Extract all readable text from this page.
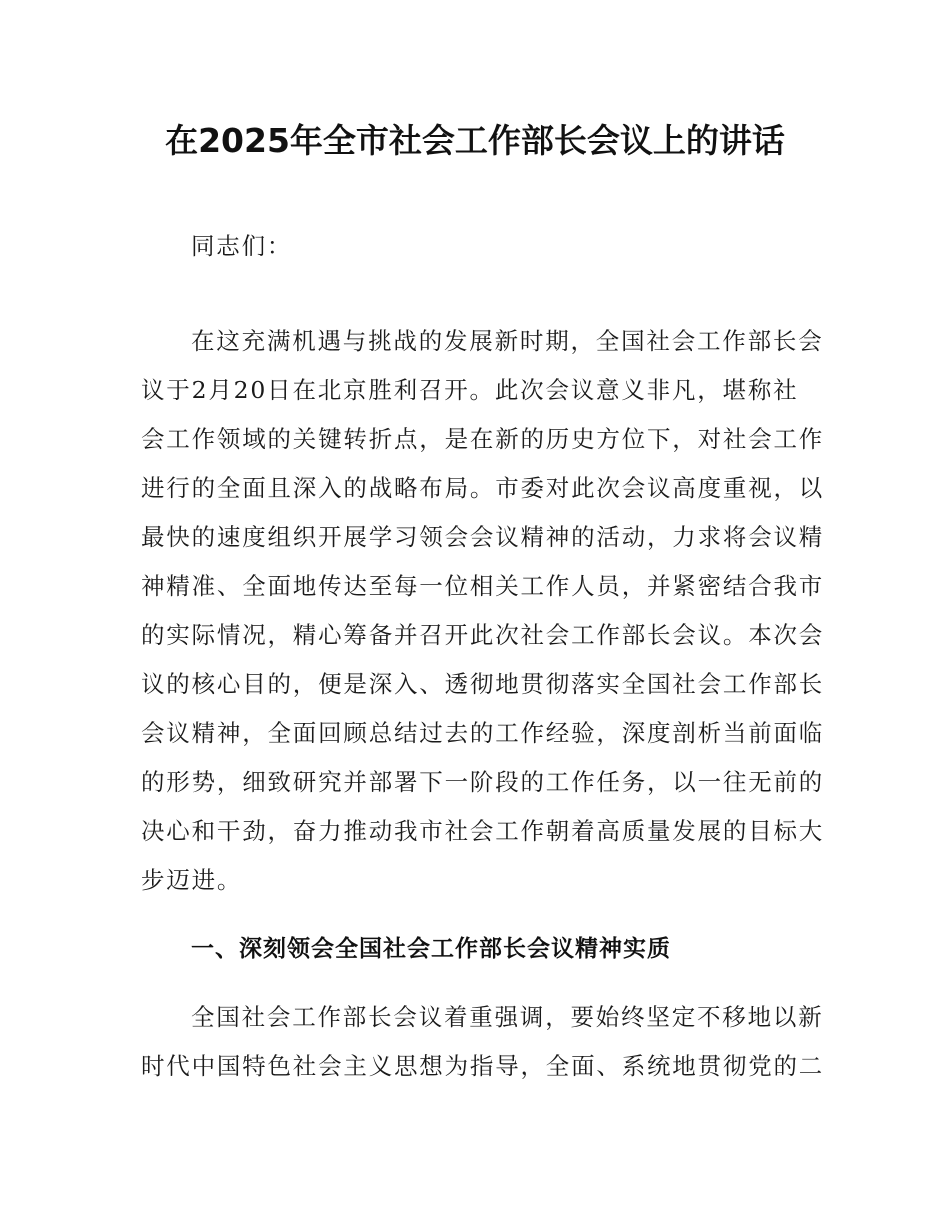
在2025年全市社会工作部长会议上的讲话
同志们：
在这充满机遇与挑战的发展新时期，全国社会工作部长会
议于2月20日在北京胜利召开。此次会议意义非凡，堪称社
会工作领域的关键转折点，是在新的历史方位下，对社会工作
进行的全面且深入的战略布局。市委对此次会议高度重视，以
最快的速度组织开展学习领会会议精神的活动，力求将会议精
神精准、全面地传达至每一位相关工作人员，并紧密结合我市
的实际情况，精心筹备并召开此次社会工作部长会议。本次会
议的核心目的，便是深入、透彻地贯彻落实全国社会工作部长
会议精神，全面回顾总结过去的工作经验，深度剖析当前面临
的形势，细致研究并部署下一阶段的工作任务，以一往无前的
决心和干劲，奋力推动我市社会工作朝着高质量发展的目标大
步迈进。
一、深刻领会全国社会工作部长会议精神实质
全国社会工作部长会议着重强调，要始终坚定不移地以新
时代中国特色社会主义思想为指导，全面、系统地贯彻党的二
